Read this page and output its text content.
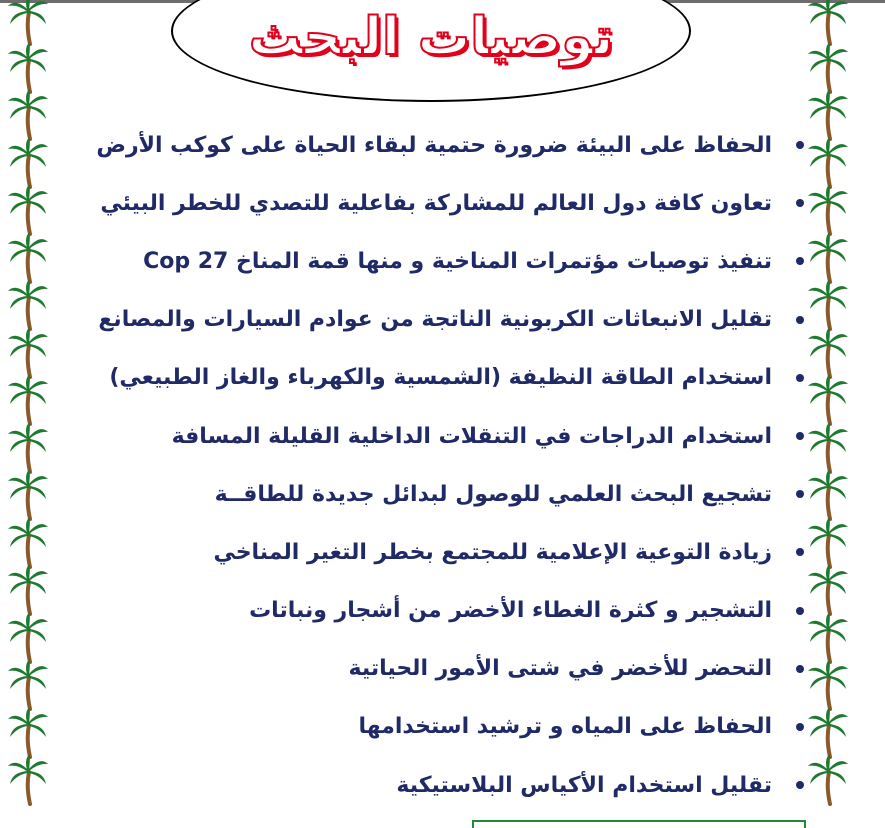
توصيات البحث
الحفاظ على البيئة ضرورة حتمية لبقاء الحياة على كوكب الأرض
تعاون كافة دول العالم للمشاركة بفاعلية للتصدي للخطر البيئي
تنفيذ توصيات مؤتمرات المناخية و منها قمة المناخ Cop 27
تقليل الانبعاثات الكربونية الناتجة من عوادم السيارات والمصانع
استخدام الطاقة النظيفة (الشمسية والكهرباء والغاز الطبيعي)
استخدام الدراجات في التنقلات الداخلية القليلة المسافة
تشجيع البحث العلمي للوصول لبدائل جديدة للطاقــة
زيادة التوعية الإعلامية للمجتمع بخطر التغير المناخي
التشجير و كثرة الغطاء الأخضر من أشجار ونباتات
التحضر للأخضر في شتى الأمور الحياتية
الحفاظ على المياه و ترشيد استخدامها
تقليل استخدام الأكياس البلاستيكية
